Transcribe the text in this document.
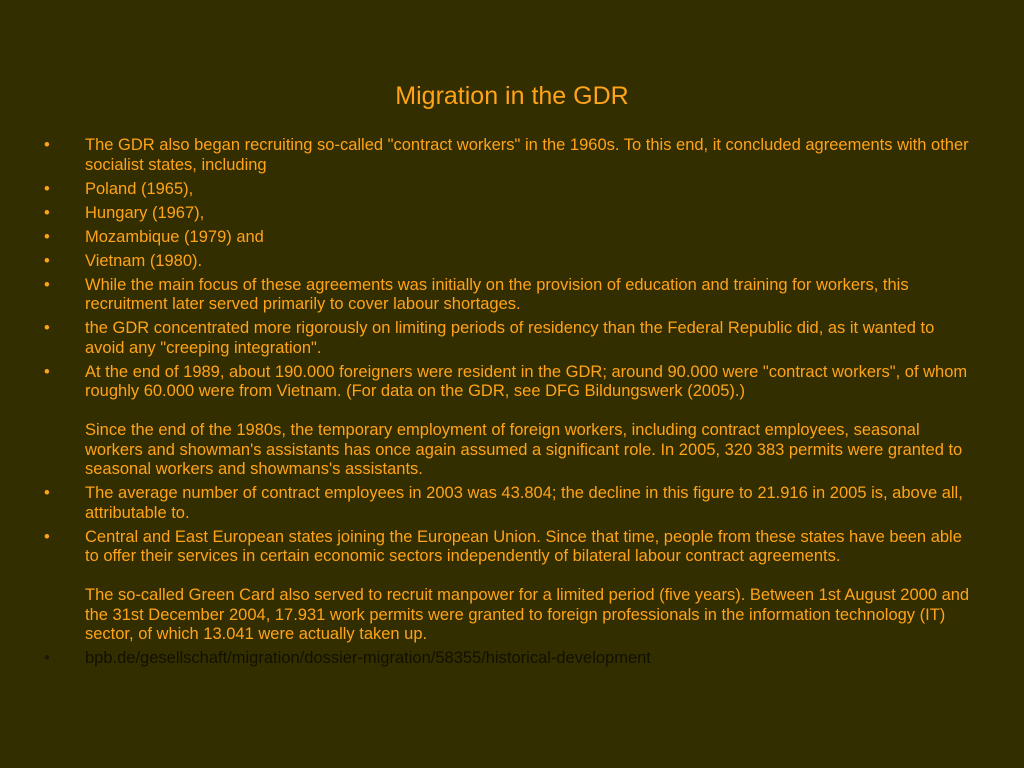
Migration in the GDR
• The GDR also began recruiting so-called "contract workers" in the 1960s. To this end, it concluded agreements with other socialist states, including
• Poland (1965),
• Hungary (1967),
• Mozambique (1979) and
• Vietnam (1980).
• While the main focus of these agreements was initially on the provision of education and training for workers, this recruitment later served primarily to cover labour shortages.
• the GDR concentrated more rigorously on limiting periods of residency than the Federal Republic did, as it wanted to avoid any "creeping integration".
• At the end of 1989, about 190.000 foreigners were resident in the GDR; around 90.000 were "contract workers", of whom roughly 60.000 were from Vietnam. (For data on the GDR, see DFG Bildungswerk (2005).)
Since the end of the 1980s, the temporary employment of foreign workers, including contract employees, seasonal workers and showman's assistants has once again assumed a significant role. In 2005, 320 383 permits were granted to seasonal workers and showmans's assistants.
• The average number of contract employees in 2003 was 43.804; the decline in this figure to 21.916 in 2005 is, above all, attributable to.
• Central and East European states joining the European Union. Since that time, people from these states have been able to offer their services in certain economic sectors independently of bilateral labour contract agreements.
The so-called Green Card also served to recruit manpower for a limited period (five years). Between 1st August 2000 and the 31st December 2004, 17.931 work permits were granted to foreign professionals in the information technology (IT) sector, of which 13.041 were actually taken up.
• bpb.de/gesellschaft/migration/dossier-migration/58355/historical-development
